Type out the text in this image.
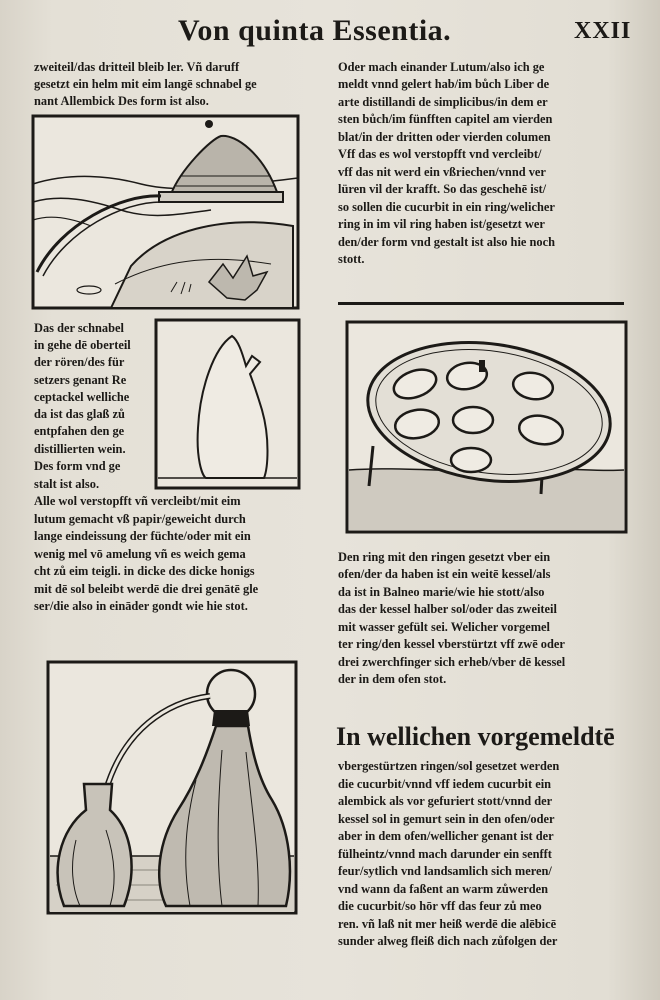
Von quinta Essentia.	XXII
zweiteil/das dritteil bleib ler. Vñ daruff
gesetzt ein helm mit eim langē schnabel ge
nant Allembick Des form ist also.
Das der schnabel
in gehe dē oberteil
der rören/des für
setzers genant Re
ceptackel welliche
da ist das glaß zů
entpfahen den ge
distillierten wein.
Des form vnd ge
stalt ist also.
Alle wol verstopfft vñ vercleibt/mit eim
lutum gemacht vß papir/geweicht durch
lange eindeissung der füchte/oder mit ein
wenig mel vō amelung vñ es weich gema
cht zů eim teigli. in dicke des dicke honigs
mit dē sol beleibt werdē die drei genātē gle
ser/die also in eināder gondt wie hie stot.
Oder mach einander Lutum/also ich ge
meldt vnnd gelert hab/im bůch Liber de
arte distillandi de simplicibus/in dem er
sten bůch/im fünfften capitel am vierden
blat/in der dritten oder vierden columen
Vff das es wol verstopfft vnd vercleibt/
vff das nit werd ein vßriechen/vnnd ver
lüren vil der krafft. So das geschehē ist/
so sollen die cucurbit in ein ring/welicher
ring in im vil ring haben ist/gesetzt wer
den/der form vnd gestalt ist also hie noch
stott.
Den ring mit den ringen gesetzt vber ein
ofen/der da haben ist ein weitē kessel/als
da ist in Balneo marie/wie hie stott/also
das der kessel halber sol/oder das zweiteil
mit wasser gefült sei. Welicher vorgemel
ter ring/den kessel vberstürtzt vff zwē oder
drei zwerchfinger sich erheb/vber dē kessel
der in dem ofen stot.
In wellichen vorgemeldtē
vbergestürtzen ringen/sol gesetzet werden
die cucurbit/vnnd vff iedem cucurbit ein
alembick als vor gefuriert stott/vnnd der
kessel sol in gemurt sein in den ofen/oder
aber in dem ofen/wellicher genant ist der
fülheintz/vnnd mach darunder ein senfft
feur/sytlich vnd landsamlich sich meren/
vnd wann da faßent an warm zůwerden
die cucurbit/so hōr vff das feur zů meo
ren. vñ laß nit mer heiß werdē die alēbicē
sunder alweg fleiß dich nach zůfolgen der
